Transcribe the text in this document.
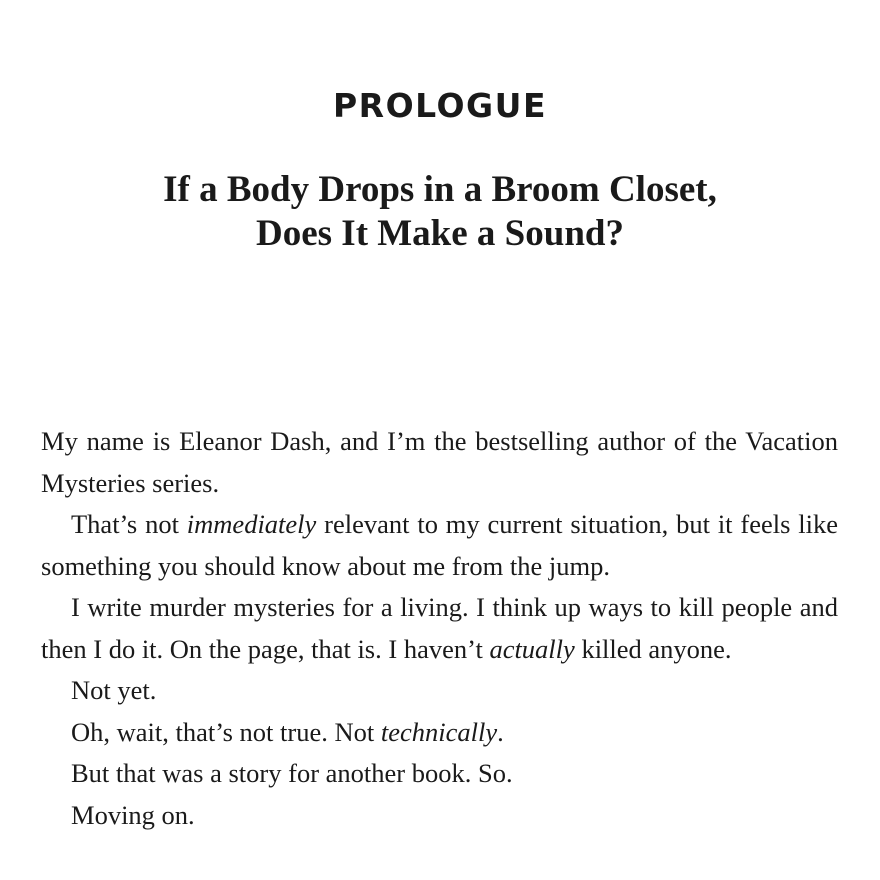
PROLOGUE
If a Body Drops in a Broom Closet,
Does It Make a Sound?

My name is Eleanor Dash, and I’m the bestselling author of the Vacation Mysteries series.

That’s not immediately relevant to my current situation, but it feels like something you should know about me from the jump.

I write murder mysteries for a living. I think up ways to kill people and then I do it. On the page, that is. I haven’t actually killed anyone.

Not yet.

Oh, wait, that’s not true. Not technically.

But that was a story for another book. So.

Moving on.
